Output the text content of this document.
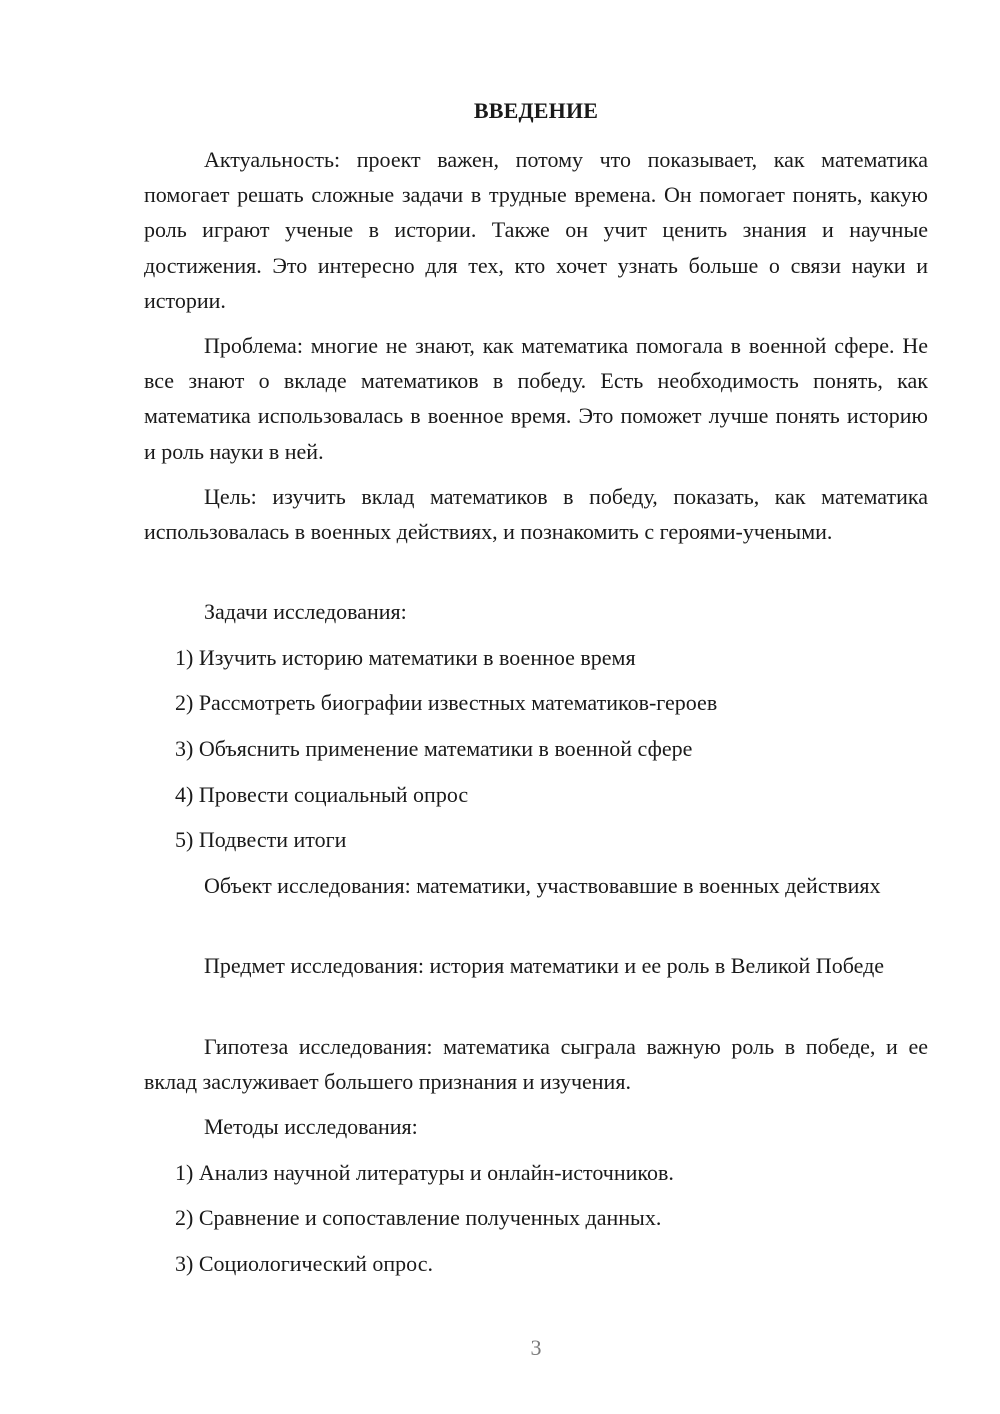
ВВЕДЕНИЕ

Актуальность: проект важен, потому что показывает, как математика помогает решать сложные задачи в трудные времена. Он помогает понять, какую роль играют ученые в истории. Также он учит ценить знания и научные достижения. Это интересно для тех, кто хочет узнать больше о связи науки и истории.

Проблема: многие не знают, как математика помогала в военной сфере. Не все знают о вкладе математиков в победу. Есть необходимость понять, как математика использовалась в военное время. Это поможет лучше понять историю и роль науки в ней.

Цель: изучить вклад математиков в победу, показать, как математика использовалась в военных действиях, и познакомить с героями-учеными.

Задачи исследования:

1) Изучить историю математики в военное время

2) Рассмотреть биографии известных математиков-героев

3) Объяснить применение математики в военной сфере

4) Провести социальный опрос

5) Подвести итоги

Объект исследования: математики, участвовавшие в военных действиях

Предмет исследования: история математики и ее роль в Великой Победе

Гипотеза исследования: математика сыграла важную роль в победе, и ее вклад заслуживает большего признания и изучения.

Методы исследования:

1) Анализ научной литературы и онлайн-источников.

2) Сравнение и сопоставление полученных данных.

3) Социологический опрос.

3
